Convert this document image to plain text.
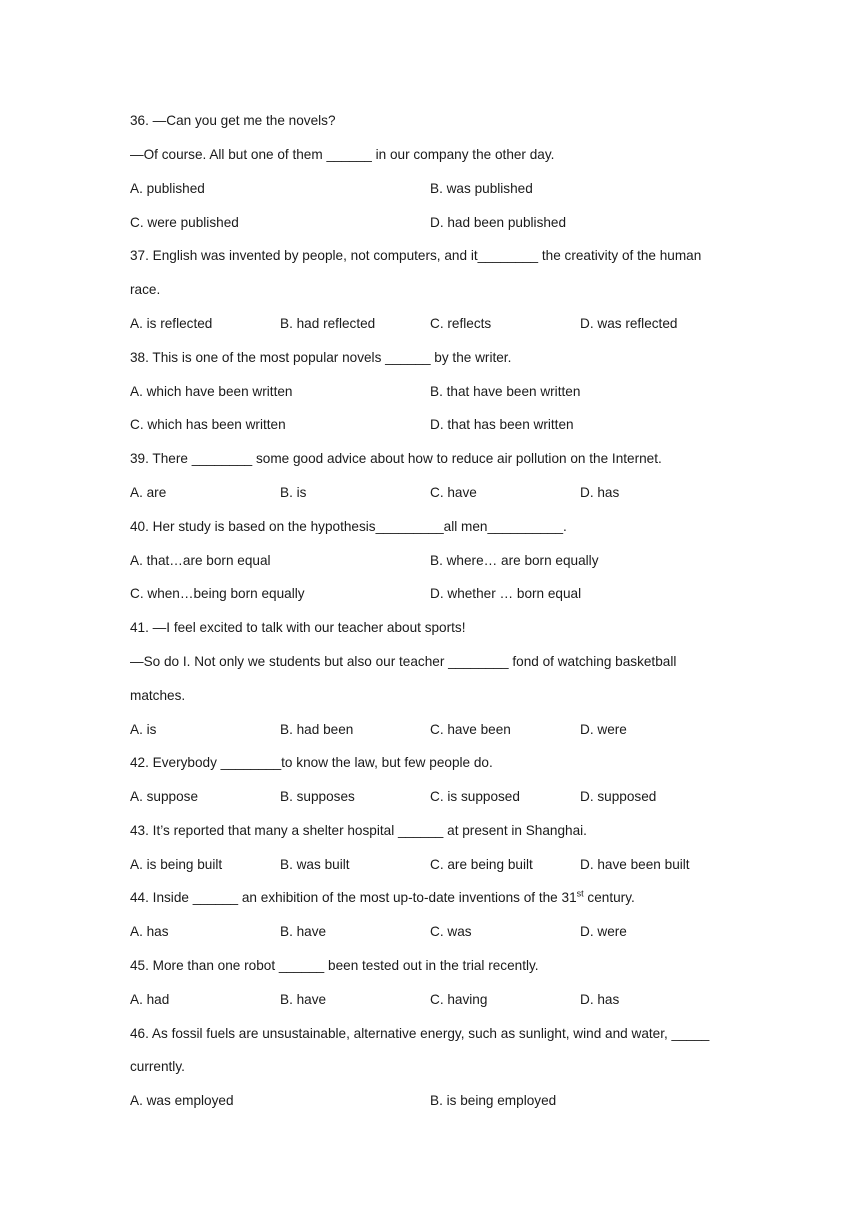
36. —Can you get me the novels?
—Of course. All but one of them ______ in our company the other day.
A. published	B. was published
C. were published	D. had been published
37. English was invented by people, not computers, and it________ the creativity of the human
race.
A. is reflected	B. had reflected	C. reflects	D. was reflected
38. This is one of the most popular novels ______ by the writer.
A. which have been written	B. that have been written
C. which has been written	D. that has been written
39. There ________ some good advice about how to reduce air pollution on the Internet.
A. are	B. is	C. have	D. has
40. Her study is based on the hypothesis_________all men__________.
A. that…are born equal	B. where… are born equally
C. when…being born equally	D. whether … born equal
41. —I feel excited to talk with our teacher about sports!
—So do I. Not only we students but also our teacher ________ fond of watching basketball
matches.
A. is	B. had been	C. have been	D. were
42. Everybody ________to know the law, but few people do.
A. suppose	B. supposes	C. is supposed	D. supposed
43. It’s reported that many a shelter hospital ______ at present in Shanghai.
A. is being built	B. was built	C. are being built	D. have been built
44. Inside ______ an exhibition of the most up-to-date inventions of the 31st century.
A. has	B. have	C. was	D. were
45. More than one robot ______ been tested out in the trial recently.
A. had	B. have	C. having	D. has
46. As fossil fuels are unsustainable, alternative energy, such as sunlight, wind and water, _____
currently.
A. was employed	B. is being employed
